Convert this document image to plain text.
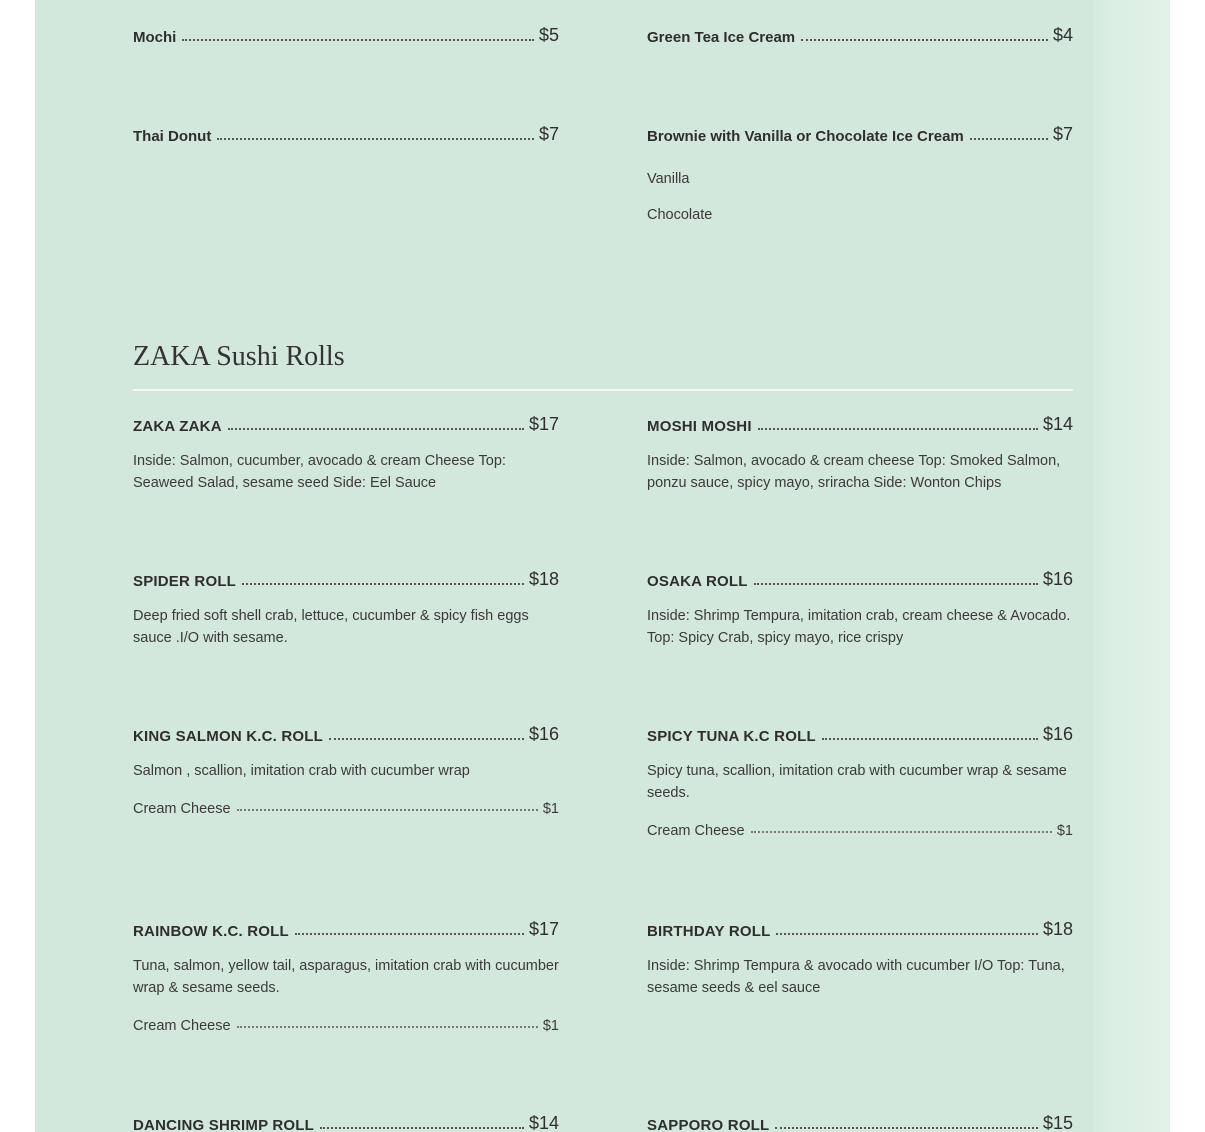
Mochi	$5	Green Tea Ice Cream	$4
Thai Donut	$7	Brownie with Vanilla or Chocolate Ice Cream	$7
Vanilla
Chocolate
ZAKA Sushi Rolls
ZAKA ZAKA	$17
Inside: Salmon, cucumber, avocado & cream Cheese Top: Seaweed Salad, sesame seed Side: Eel Sauce
MOSHI MOSHI	$14
Inside: Salmon, avocado & cream cheese Top: Smoked Salmon, ponzu sauce, spicy mayo, sriracha Side: Wonton Chips
SPIDER ROLL	$18
Deep fried soft shell crab, lettuce, cucumber & spicy fish eggs sauce .I/O with sesame.
OSAKA ROLL	$16
Inside: Shrimp Tempura, imitation crab, cream cheese & Avocado. Top: Spicy Crab, spicy mayo, rice crispy
KING SALMON K.C. ROLL	$16
Salmon , scallion, imitation crab with cucumber wrap
Cream Cheese	$1
SPICY TUNA K.C ROLL	$16
Spicy tuna, scallion, imitation crab with cucumber wrap & sesame seeds.
Cream Cheese	$1
RAINBOW K.C. ROLL	$17
Tuna, salmon, yellow tail, asparagus, imitation crab with cucumber wrap & sesame seeds.
Cream Cheese	$1
BIRTHDAY ROLL	$18
Inside: Shrimp Tempura & avocado with cucumber I/O Top: Tuna, sesame seeds & eel sauce
DANCING SHRIMP ROLL	$14	SAPPORO ROLL	$15
